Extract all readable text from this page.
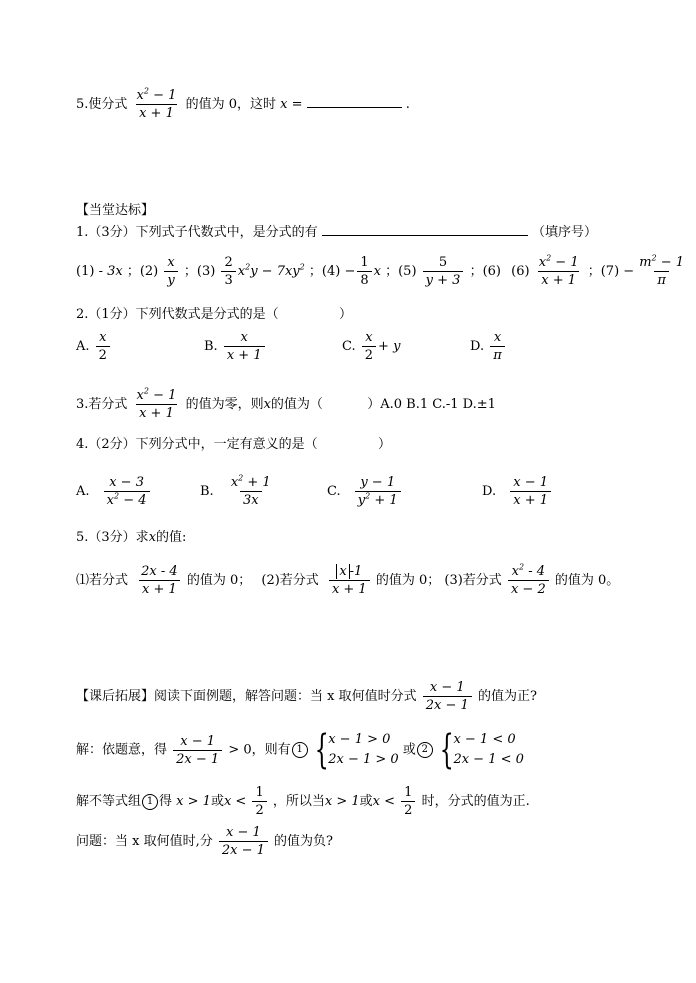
5.使分式 $\frac{x^2 - 1}{x + 1}$ 的值为 0，这时 x =	.
【当堂达标】
1.（3分）下列式子代数式中，是分式的有	（填序号）
(1) - 3x ；$(2) \frac{x}{y}$ ；$(3) \frac{2}{3} x^2y - 7xy^2$ ；$(4) - \frac{1}{8}$ x ；$(5) \frac{5}{y + 3}$ ；(6) $(6) \frac{x^2 - 1}{x + 1}$ ；$(7) - \frac{m^2 - 1}{\pi}$
2.（1分）下列代数式是分式的是（	）
A. $\frac{x}{2}$	B. $\frac{x}{x + 1}$	C. $\frac{x}{2} + y$	D. $\frac{x}{\pi}$
3.若分式 $\frac{x^2 - 1}{x + 1}$ 的值为零，则x的值为（	）A.0 B.1 C.-1 D.±1
4.（2分）下列分式中，一定有意义的是（	）
A. $\frac{x - 3}{x^2 - 4}$	B. $\frac{x^2 + 1}{3x}$	C. $\frac{y - 1}{y^2 + 1}$	D. $\frac{x - 1}{x + 1}$
5.（3分）求x的值:
⑴若分式 $\frac{2x - 4}{x + 1}$ 的值为 0； (2)若分式 $\frac{x -1}{x + 1}$ 的值为 0； (3)若分式 $\frac{x^2 - 4}{x - 2}$ 的值为 0。
【课后拓展】阅读下面例题，解答问题：当 x 取何值时分式 $\frac{x - 1}{2x - 1}$ 的值为正?
解：依题意，得 $\frac{x - 1}{2x - 1} > 0$，则有 1 { x − 1 > 0
2x − 1 > 0
或 2 { x − 1 < 0
2x − 1 < 0
解不等式组 1 得 x > 1或$x < \frac{1}{2}$ ，所以当x > 1或$x < \frac{1}{2}$ 时，分式的值为正.
问题：当 x 取何值时,分 $\frac{x - 1}{2x - 1}$ 的值为负?
